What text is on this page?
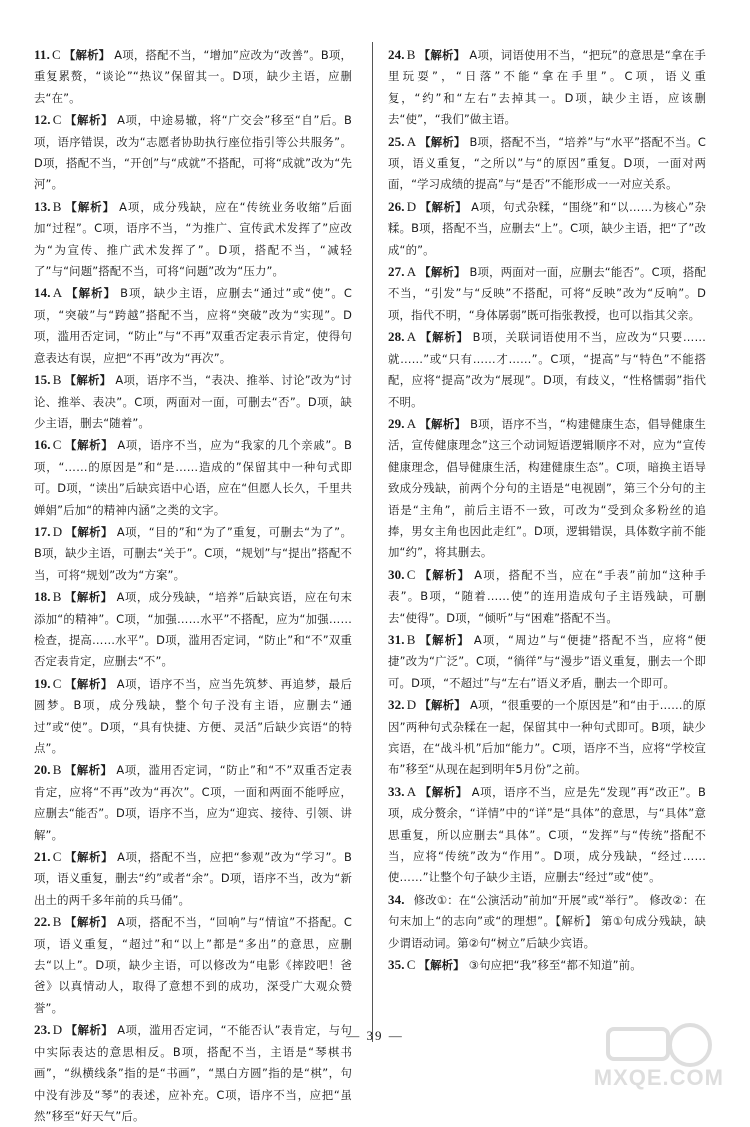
11. C 【解析】 A项，搭配不当，“增加”应改为“改善”。B项，重复累赘，“谈论”“热议”保留其一。D项，缺少主语，应删去“在”。

12. C 【解析】 A项，中途易辙，将“广交会”移至“自”后。B项，语序错误，改为“志愿者协助执行座位指引等公共服务”。D项，搭配不当，“开创”与“成就”不搭配，可将“成就”改为“先河”。

13. B 【解析】 A项，成分残缺，应在“传统业务收缩”后面加“过程”。C项，语序不当，“为推广、宣传武术发挥了”应改为“为宣传、推广武术发挥了”。D项，搭配不当，“减轻了”与“问题”搭配不当，可将“问题”改为“压力”。

14. A 【解析】 B项，缺少主语，应删去“通过”或“使”。C项，“突破”与“跨越”搭配不当，应将“突破”改为“实现”。D项，滥用否定词，“防止”与“不再”双重否定表示肯定，使得句意表达有误，应把“不再”改为“再次”。

15. B 【解析】 A项，语序不当，“表决、推举、讨论”改为“讨论、推举、表决”。C项，两面对一面，可删去“否”。D项，缺少主语，删去“随着”。

16. C 【解析】 A项，语序不当，应为“我家的几个亲戚”。B项，“……的原因是”和“是……造成的”保留其中一种句式即可。D项，“读出”后缺宾语中心语，应在“但愿人长久，千里共婵娟”后加“的精神内涵”之类的文字。

17. D 【解析】 A项，“目的”和“为了”重复，可删去“为了”。B项，缺少主语，可删去“关于”。C项，“规划”与“提出”搭配不当，可将“规划”改为“方案”。

18. B 【解析】 A项，成分残缺，“培养”后缺宾语，应在句末添加“的精神”。C项，“加强……水平”不搭配，应为“加强……检查，提高……水平”。D项，滥用否定词，“防止”和“不”双重否定表肯定，应删去“不”。

19. C 【解析】 A项，语序不当，应当先筑梦、再追梦，最后圆梦。B项，成分残缺，整个句子没有主语，应删去“通过”或“使”。D项，“具有快捷、方便、灵活”后缺少宾语“的特点”。

20. B 【解析】 A项，滥用否定词，“防止”和“不”双重否定表肯定，应将“不再”改为“再次”。C项，一面和两面不能呼应，应删去“能否”。D项，语序不当，应为“迎宾、接待、引领、讲解”。

21. C 【解析】 A项，搭配不当，应把“参观”改为“学习”。B项，语义重复，删去“约”或者“余”。D项，语序不当，改为“新出土的两千多年前的兵马俑”。

22. B 【解析】 A项，搭配不当，“回响”与“情谊”不搭配。C项，语义重复，“超过”和“以上”都是“多出”的意思，应删去“以上”。D项，缺少主语，可以修改为“电影《摔跤吧！爸爸》以真情动人，取得了意想不到的成功，深受广大观众赞誉”。

23. D 【解析】 A项，滥用否定词，“不能否认”表肯定，与句中实际表达的意思相反。B项，搭配不当，主语是“琴棋书画”，“纵横线条”指的是“书画”，“黑白方圆”指的是“棋”，句中没有涉及“琴”的表述，应补充。C项，语序不当，应把“虽然”移至“好天气”后。

24. B 【解析】 A项，词语使用不当，“把玩”的意思是“拿在手里玩耍”，“日落”不能“拿在手里”。C项，语义重复，“约”和“左右”去掉其一。D项，缺少主语，应该删去“使”，“我们”做主语。

25. A 【解析】 B项，搭配不当，“培养”与“水平”搭配不当。C项，语义重复，“之所以”与“的原因”重复。D项，一面对两面，“学习成绩的提高”与“是否”不能形成一一对应关系。

26. D 【解析】 A项，句式杂糅，“围绕”和“以……为核心”杂糅。B项，搭配不当，应删去“上”。C项，缺少主语，把“了”改成“的”。

27. A 【解析】 B项，两面对一面，应删去“能否”。C项，搭配不当，“引发”与“反映”不搭配，可将“反映”改为“反响”。D项，指代不明，“身体孱弱”既可指张教授，也可以指其父亲。

28. A 【解析】 B项，关联词语使用不当，应改为“只要……就……”或“只有……才……”。C项，“提高”与“特色”不能搭配，应将“提高”改为“展现”。D项，有歧义，“性格懦弱”指代不明。

29. A 【解析】 B项，语序不当，“构建健康生态，倡导健康生活，宣传健康理念”这三个动词短语逻辑顺序不对，应为“宣传健康理念，倡导健康生活，构建健康生态”。C项，暗换主语导致成分残缺，前两个分句的主语是“电视剧”，第三个分句的主语是“主角”，前后主语不一致，可改为“受到众多粉丝的追捧，男女主角也因此走红”。D项，逻辑错误，具体数字前不能加“约”，将其删去。

30. C 【解析】 A项，搭配不当，应在“手表”前加“这种手表”。B项，“随着……使”的连用造成句子主语残缺，可删去“使得”。D项，“倾听”与“困难”搭配不当。

31. B 【解析】 A项，“周边”与“便捷”搭配不当，应将“便捷”改为“广泛”。C项，“徜徉”与“漫步”语义重复，删去一个即可。D项，“不超过”与“左右”语义矛盾，删去一个即可。

32. D 【解析】 A项，“很重要的一个原因是”和“由于……的原因”两种句式杂糅在一起，保留其中一种句式即可。B项，缺少宾语，在“战斗机”后加“能力”。C项，语序不当，应将“学校宣布”移至“从现在起到明年5月份”之前。

33. A 【解析】 A项，语序不当，应是先“发现”再“改正”。B项，成分赘余，“详情”中的“详”是“具体”的意思，与“具体”意思重复，所以应删去“具体”。C项，“发挥”与“传统”搭配不当，应将“传统”改为“作用”。D项，成分残缺，“经过……使……”让整个句子缺少主语，应删去“经过”或“使”。

34. 修改①：在“公演活动”前加“开展”或“举行”。 修改②：在句末加上“的志向”或“的理想”。【解析】 第①句成分残缺，缺少谓语动词。第②句“树立”后缺少宾语。

35. C 【解析】 ③句应把“我”移至“都不知道”前。

— 39 —
MXQE.COM
